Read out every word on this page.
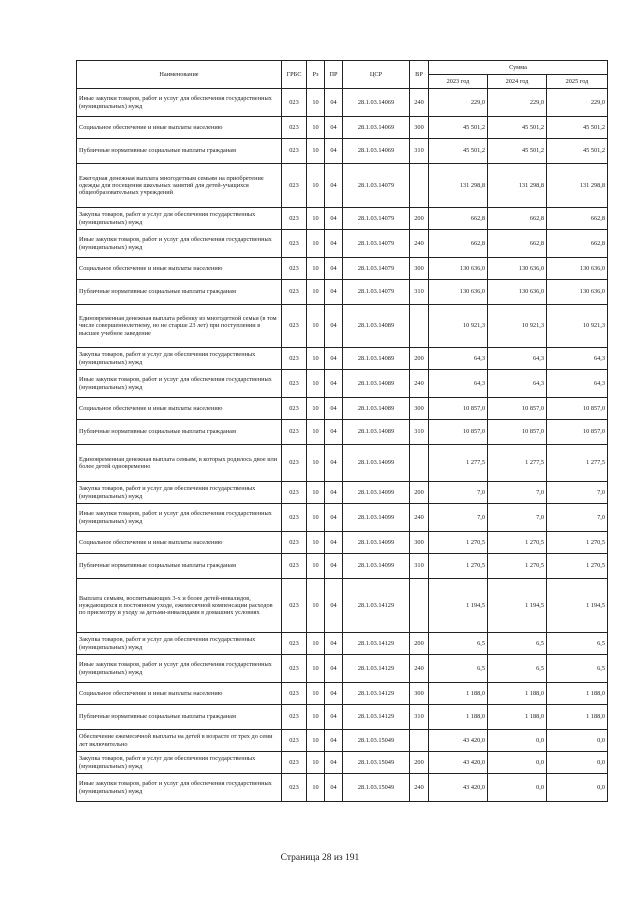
Наименование	ГРБС	Рз	ПР	ЦСР	ВР	Сумма		
						2023 год	2024 год	2025 год
Иные закупки товаров, работ и услуг для обеспечения государственных (муниципальных) нужд	023	10	04	28.1.03.14069	240	229,0	229,0	229,0
Социальное обеспечение и иные выплаты населению	023	10	04	28.1.03.14069	300	45 501,2	45 501,2	45 501,2
Публичные нормативные социальные выплаты гражданам	023	10	04	28.1.03.14069	310	45 501,2	45 501,2	45 501,2
Ежегодная денежная выплата многодетным семьям на приобретение одежды для посещения школьных занятий для детей-учащихся общеобразовательных учреждений	023	10	04	28.1.03.14079		131 298,8	131 298,8	131 298,8
Закупка товаров, работ и услуг для обеспечения государственных (муниципальных) нужд	023	10	04	28.1.03.14079	200	662,8	662,8	662,8
Иные закупки товаров, работ и услуг для обеспечения государственных (муниципальных) нужд	023	10	04	28.1.03.14079	240	662,8	662,8	662,8
Социальное обеспечение и иные выплаты населению	023	10	04	28.1.03.14079	300	130 636,0	130 636,0	130 636,0
Публичные нормативные социальные выплаты гражданам	023	10	04	28.1.03.14079	310	130 636,0	130 636,0	130 636,0
Единовременная денежная выплата ребенку из многодетной семьи (в том числе совершеннолетнему, но не старше 23 лет) при поступлении в высшее учебное заведение	023	10	04	28.1.03.14089		10 921,3	10 921,3	10 921,3
Закупка товаров, работ и услуг для обеспечения государственных (муниципальных) нужд	023	10	04	28.1.03.14089	200	64,3	64,3	64,3
Иные закупки товаров, работ и услуг для обеспечения государственных (муниципальных) нужд	023	10	04	28.1.03.14089	240	64,3	64,3	64,3
Социальное обеспечение и иные выплаты населению	023	10	04	28.1.03.14089	300	10 857,0	10 857,0	10 857,0
Публичные нормативные социальные выплаты гражданам	023	10	04	28.1.03.14089	310	10 857,0	10 857,0	10 857,0
Единовременная денежная выплата семьям, в которых родилось двое или более детей одновременно	023	10	04	28.1.03.14099		1 277,5	1 277,5	1 277,5
Закупка товаров, работ и услуг для обеспечения государственных (муниципальных) нужд	023	10	04	28.1.03.14099	200	7,0	7,0	7,0
Иные закупки товаров, работ и услуг для обеспечения государственных (муниципальных) нужд	023	10	04	28.1.03.14099	240	7,0	7,0	7,0
Социальное обеспечение и иные выплаты населению	023	10	04	28.1.03.14099	300	1 270,5	1 270,5	1 270,5
Публичные нормативные социальные выплаты гражданам	023	10	04	28.1.03.14099	310	1 270,5	1 270,5	1 270,5
Выплата семьям, воспитывающих 3-х и более детей-инвалидов, нуждающихся в постоянном уходе, ежемесячной компенсации расходов по присмотру и уходу за детьми-инвалидами в домашних условиях	023	10	04	28.1.03.14129		1 194,5	1 194,5	1 194,5
Закупка товаров, работ и услуг для обеспечения государственных (муниципальных) нужд	023	10	04	28.1.03.14129	200	6,5	6,5	6,5
Иные закупки товаров, работ и услуг для обеспечения государственных (муниципальных) нужд	023	10	04	28.1.03.14129	240	6,5	6,5	6,5
Социальное обеспечение и иные выплаты населению	023	10	04	28.1.03.14129	300	1 188,0	1 188,0	1 188,0
Публичные нормативные социальные выплаты гражданам	023	10	04	28.1.03.14129	310	1 188,0	1 188,0	1 188,0
Обеспечение ежемесячной выплаты на детей в возрасте от трех до семи лет включительно	023	10	04	28.1.03.15049		43 420,0	0,0	0,0
Закупка товаров, работ и услуг для обеспечения государственных (муниципальных) нужд	023	10	04	28.1.03.15049	200	43 420,0	0,0	0,0
Иные закупки товаров, работ и услуг для обеспечения государственных (муниципальных) нужд	023	10	04	28.1.03.15049	240	43 420,0	0,0	0,0
Страница 28 из 191
